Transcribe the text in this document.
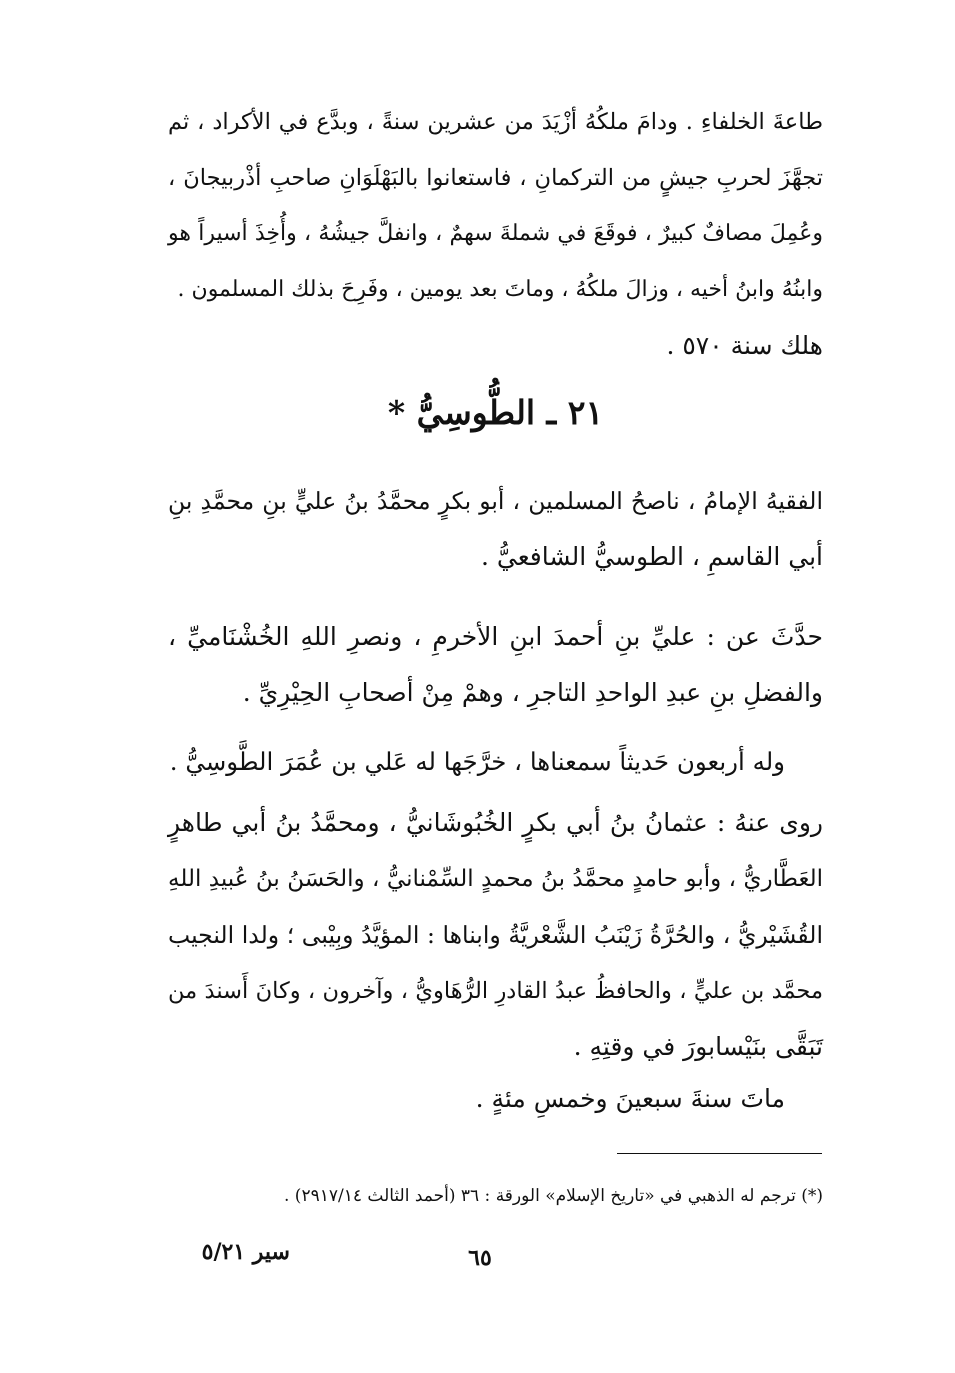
طاعةَ الخلفاءِ . ودامَ ملكُهُ أزْيَدَ من عشرين سنةً ، وبدَّع في الأكراد ، ثم
تجهَّزَ لحربِ جيشٍ من التركمانِ ، فاستعانوا بالبَهْلَوَانِ صاحبِ أذْربيجانَ ،
وعُمِلَ مصافٌ كبيرٌ ، فوقَعَ في شملةَ سهمٌ ، وانفلَّ جيشُهُ ، وأُخِذَ أسيراً هو
وابنُهُ وابنُ أخيه ، وزالَ ملكُهُ ، وماتَ بعد يومين ، وفَرِحَ بذلك المسلمون .
هلك سنة ٥٧٠ .
٢١ ـ الطُّوسِيُّ *
الفقيهُ الإمامُ ، ناصحُ المسلمين ، أبو بكرٍ محمَّدُ بنُ عليٍّ بنِ محمَّدِ بنِ
أبي القاسمِ ، الطوسيُّ الشافعيُّ .
حدَّثَ عن : عليِّ بنِ أحمدَ ابنِ الأخرمِ ، ونصرِ اللهِ الخُشْنَاميِّ ،
والفضلِ بنِ عبدِ الواحدِ التاجرِ ، وهمْ مِنْ أصحابِ الحِيْرِيِّ .
وله أربعون حَديثاً سمعناها ، خرَّجَها له عَلي بن عُمَرَ الطَّوسِيُّ .
روى عنهُ : عثمانُ بنُ أبي بكرٍ الخُبُوشَانيُّ ، ومحمَّدُ بنُ أبي طاهرٍ
العَطَّاريُّ ، وأبو حامدٍ محمَّدُ بنُ محمدٍ السِّمْنانيُّ ، والحَسَنُ بنُ عُبيدِ اللهِ
القُشَيْريُّ ، والحُرَّةُ زَيْنَبُ الشَّعْريَّةُ وابناها : المؤيَّدُ وبِيْبى ؛ ولدا النجيب
محمَّد بن عليٍّ ، والحافظُ عبدُ القادرِ الرُّهَاويُّ ، وآخرون ، وكانَ أَسندَ من
تَبَقَّى بنَيْسابورَ في وقتِهِ .
ماتَ سنةَ سبعينَ وخمسِ مئةٍ .
(*) ترجم له الذهبي في «تاريخ الإسلام» الورقة : ٣٦ (أحمد الثالث ٢٩١٧/١٤) .
٦٥
سير ٥/٢١
